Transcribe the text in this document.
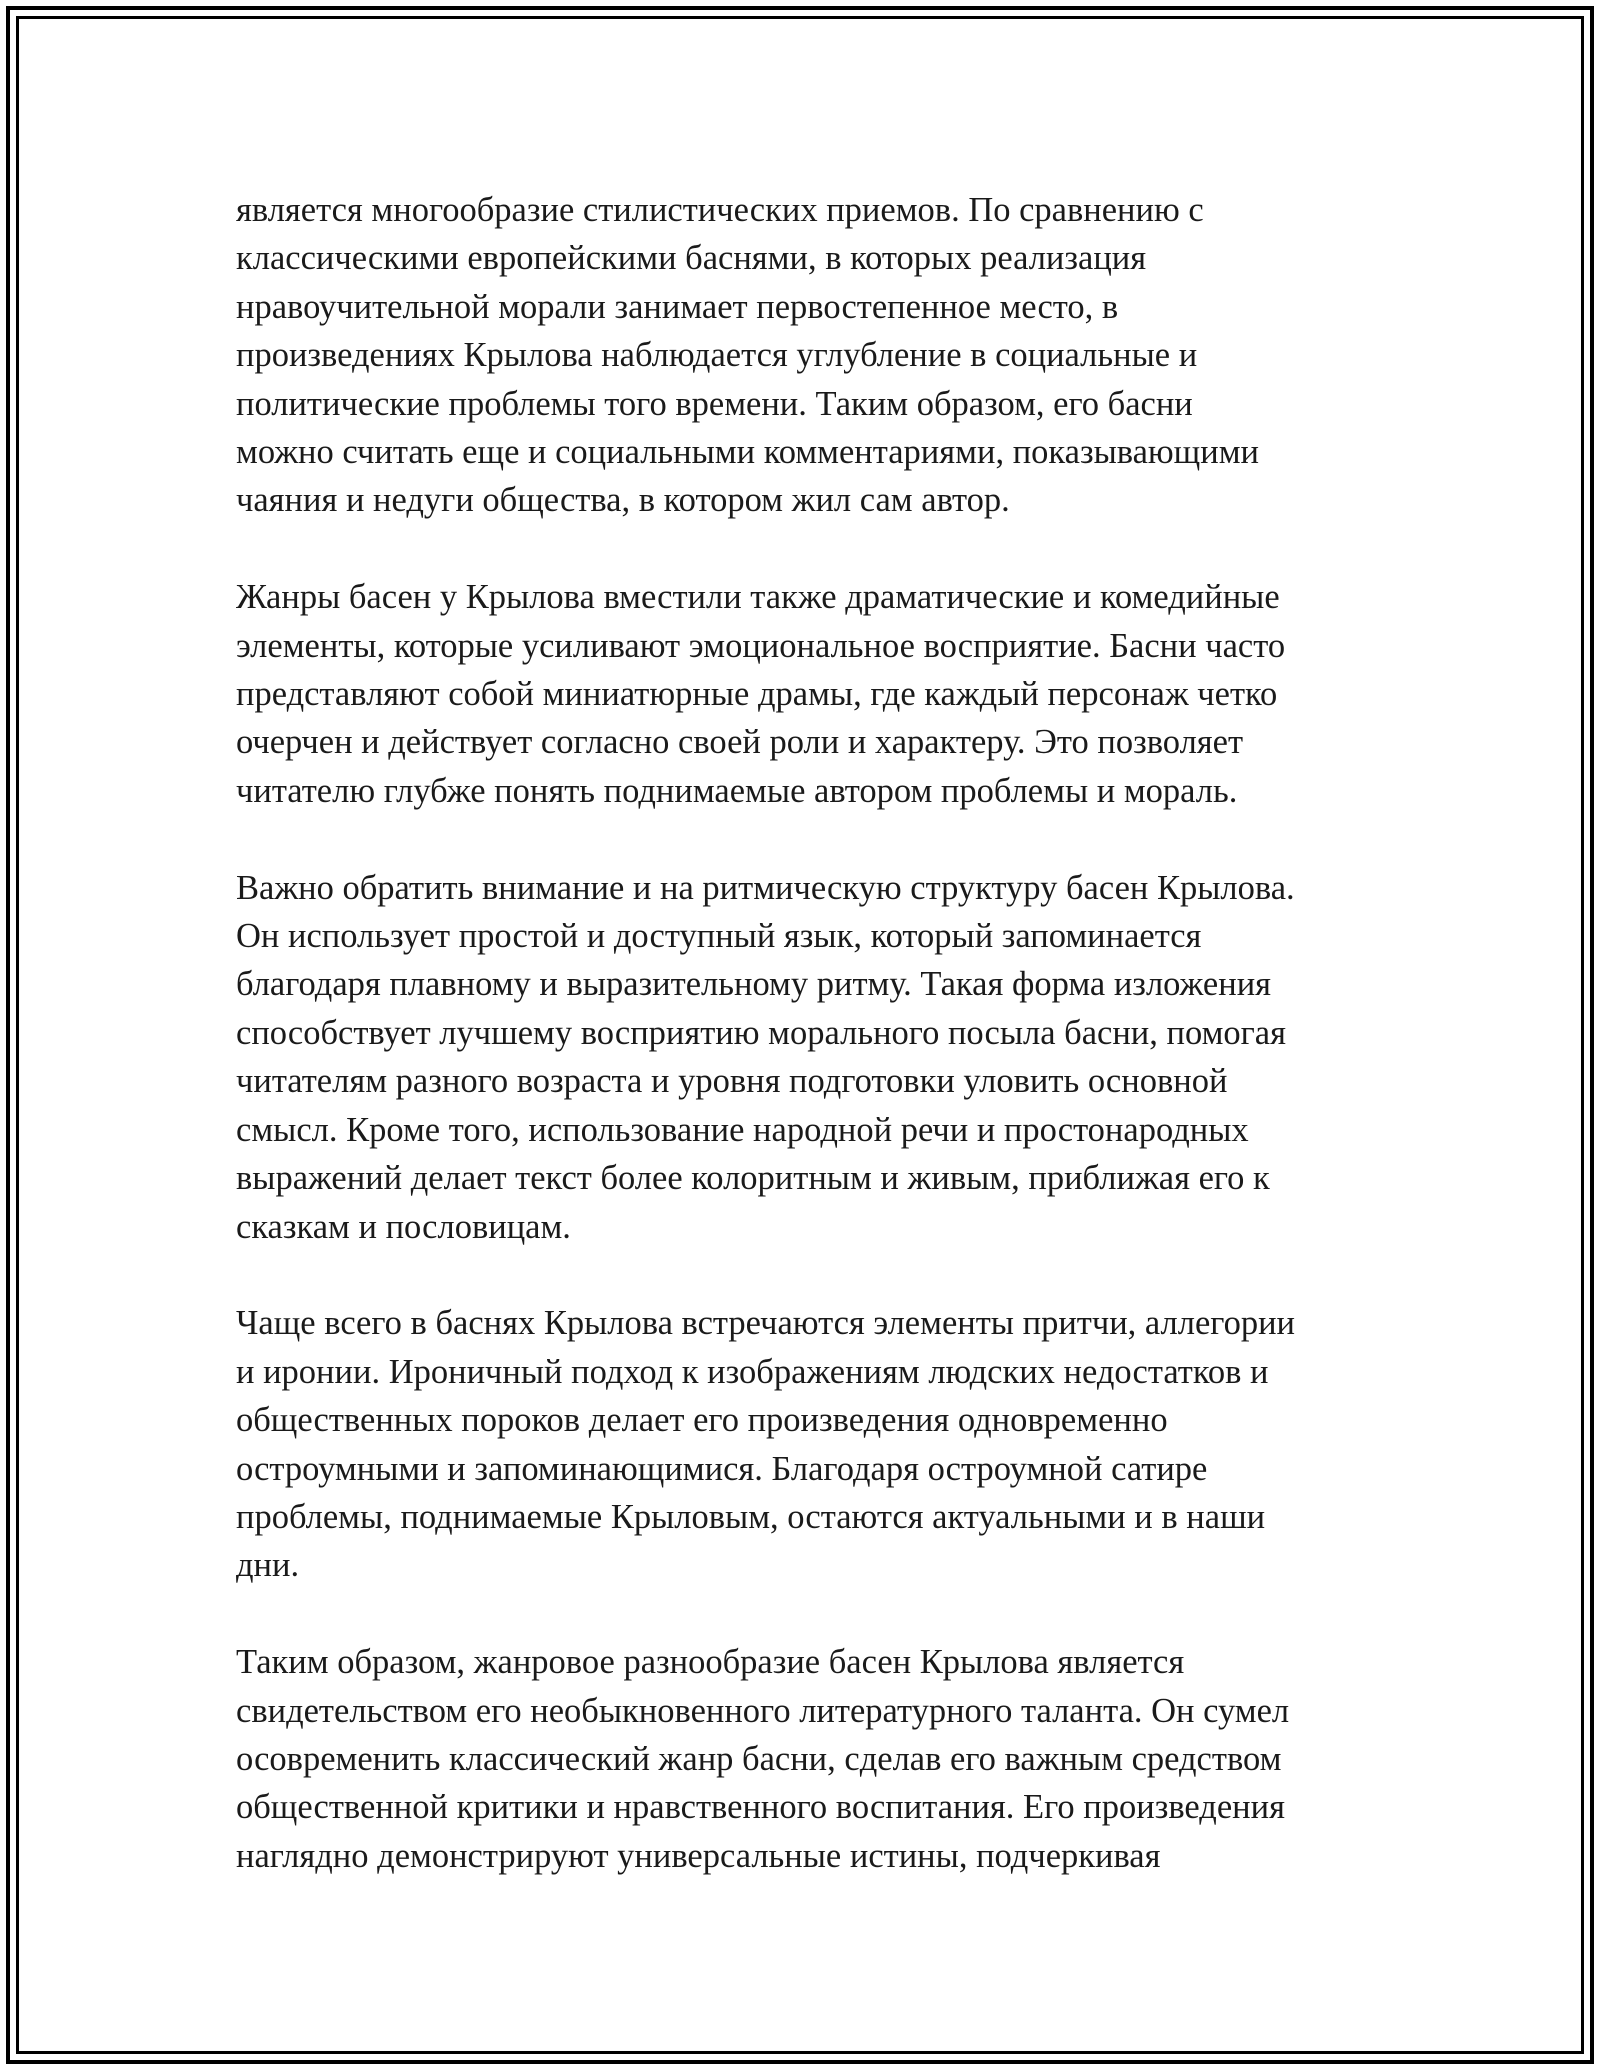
является многообразие стилистических приемов. По сравнению с
классическими европейскими баснями, в которых реализация
нравоучительной морали занимает первостепенное место, в
произведениях Крылова наблюдается углубление в социальные и
политические проблемы того времени. Таким образом, его басни
можно считать еще и социальными комментариями, показывающими
чаяния и недуги общества, в котором жил сам автор.

Жанры басен у Крылова вместили также драматические и комедийные
элементы, которые усиливают эмоциональное восприятие. Басни часто
представляют собой миниатюрные драмы, где каждый персонаж четко
очерчен и действует согласно своей роли и характеру. Это позволяет
читателю глубже понять поднимаемые автором проблемы и мораль.

Важно обратить внимание и на ритмическую структуру басен Крылова.
Он использует простой и доступный язык, который запоминается
благодаря плавному и выразительному ритму. Такая форма изложения
способствует лучшему восприятию морального посыла басни, помогая
читателям разного возраста и уровня подготовки уловить основной
смысл. Кроме того, использование народной речи и простонародных
выражений делает текст более колоритным и живым, приближая его к
сказкам и пословицам.

Чаще всего в баснях Крылова встречаются элементы притчи, аллегории
и иронии. Ироничный подход к изображениям людских недостатков и
общественных пороков делает его произведения одновременно
остроумными и запоминающимися. Благодаря остроумной сатире
проблемы, поднимаемые Крыловым, остаются актуальными и в наши
дни.

Таким образом, жанровое разнообразие басен Крылова является
свидетельством его необыкновенного литературного таланта. Он сумел
осовременить классический жанр басни, сделав его важным средством
общественной критики и нравственного воспитания. Его произведения
наглядно демонстрируют универсальные истины, подчеркивая
